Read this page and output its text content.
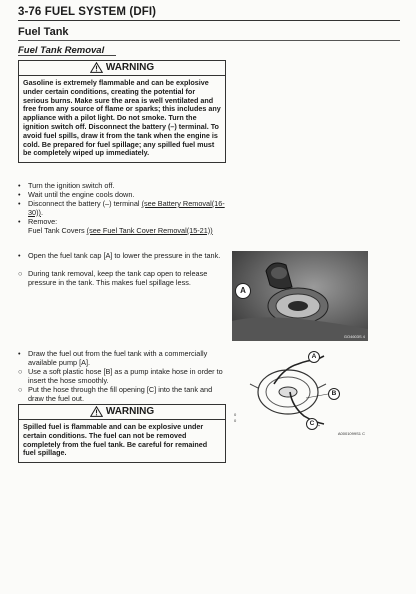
3-76 FUEL SYSTEM (DFI)
Fuel Tank
Fuel Tank Removal
WARNING
Gasoline is extremely flammable and can be explosive under certain conditions, creating the potential for serious burns. Make sure the area is well ventilated and free from any source of flame or sparks; this includes any appliance with a pilot light. Do not smoke. Turn the ignition switch off. Disconnect the battery (–) terminal. To avoid fuel spills, draw it from the tank when the engine is cold. Be prepared for fuel spillage; any spilled fuel must be completely wiped up immediately.
•	Turn the ignition switch off.
•	Wait until the engine cools down.
•	Disconnect the battery (–) terminal (see Battery Removal(16-30)).
•	Remove:
Fuel Tank Covers (see Fuel Tank Cover Removal(15-21))
•	Open the fuel tank cap [A] to lower the pressure in the tank.
○ During tank removal, keep the tank cap open to release pressure in the tank. This makes fuel spillage less.
•	Draw the fuel out from the fuel tank with a commercially available pump [A].
○ Use a soft plastic hose [B] as a pump intake hose in order to insert the hose smoothly.
○ Put the hose through the fill opening [C] into the tank and draw the fuel out.
WARNING
Spilled fuel is flammable and can be explosive under certain conditions. The fuel can not be removed completely from the fuel tank. Be careful for remained fuel spillage.
A
GO4603S 4
0
0
A
B
C
A0001099S1 C
